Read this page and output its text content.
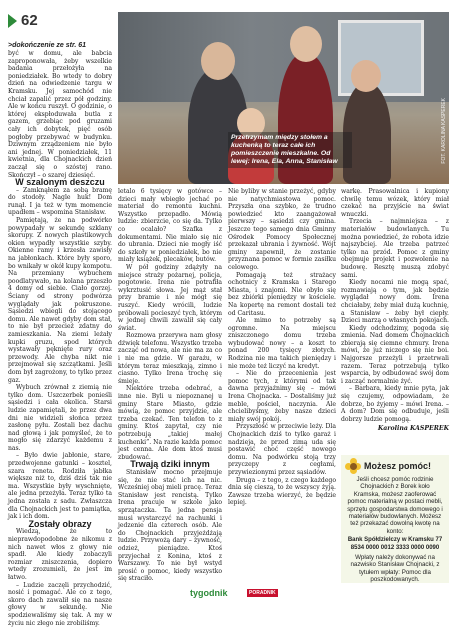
62
>dokończenie ze str. 61
FOT. KAROLINA KASPEREK
Przetrzymam między stołem a kuchenką to teraz całe ich pomieszczenie mieszkalne. Od lewej: Irena, Ela, Anna, Stanisław

być w domu, ale babcia zaproponowała, żeby wszelkie badania przełożyła na poniedziałek. Bo wtedy to dobry dzień na odwiedzenie targu w Kramsku. Jej samochód nie chciał zapalić przez pół godziny. Ale w końcu ruszył. O godzinie, o której ekspłoduwała butla z gazem, grzebiąc pod gruzami cały ich dobytek, pięć osób pogłoby przebywać w budynku. Dziwnym zrządzeniem nie było ani jednej. W poniedziałek, 11 kwietnia, dla Chojnackich dzień zaczął się o szóstej rano. Skończył – o szarej dziesięć.

W szalonym deszczu

– Zamknąłem za sobą bramę do stodoły. Nagle huk! Dom runął. I ja też w tym momencie upadłem – wspomina Stanisław.

Pamiętają, że na podwórko powypadały w sekundę szklany skorupy. Z nowych plastikowych okien wypadły wszystkie szyby. Okienne ramy i krzesła zawisły na jabłonkach. Które były sporo, bo wnikały w okół kupy kompotu. Na przemiany wybuchem poodlatywało, na kolana przeszło 4 domy od siebie. Ciało gorzej. Ściany od strony podwórza wyglądały jak pokruszone. Sąsiedzi wbiegli do stojącego domu. Ale nawet gdyby dom stał, to nie był przecież zdatny do zamieszkania. Na ziemi leżały kupki gruzu, spod których wystawały pęknięte rury oraz przewody. Ale chyba nikt nie przejmował się szczątkami. Jeśli dom był zagrożony, to tylko przez gaz.

Wybuch zrównał z ziemią nie tylko dom. Uszczerbek ponieśli sąsiedzi i cała okolica. Starsi ludzie zapamiętali, że przez dwa dni nie widzieli słońca przez zasłonę pyłu. Zostali bez dachu nad głową i jak pomyśleć, że to mogło się zdarzyć każdemu z nas.

– Było dwie jabłonie, stare, przedwojenne gatunki – kosztel, szara reneta. Rodziła jabłka większe niż to, dziś dziś tak nie ma. Wszystkie były wyschnięte, ale jedna przeżyła. Teraz tylko ta jedna została z sadu. Zwłaszcza dla Chojnackich jest to pamiątka, jak i ich dom.

Zostały obrazy

Wiedzą, że to nieprawdopodobne że nikomu z nich nawet włos z głowy nie spadł. Ale kiedy zobaczyli rozmiar zniszczenia, dopiero wtedy zrozumieli, że jest im łatwo.

– Ludzie zaczęli przychodzić, nosić i pomagać. Ale co z tego, skoro dach zawalił się na nasze głowy w sekundę. Nie spodziewaliśmy się tak. A my w życiu nic złego nie zrobiliśmy.

letalo 6 tysięcy w gotówce – dzieci mały wbiegło jechać po materiał do remontu kuchni. Wszystko przepadło. Mówią ludzie: zbierzcie, co się da. Tylko co ocalało? Szafka z dokumentami. Nie miało się nic do ubrania. Dzieci nie mogły iść do szkoły w poniedziałek, bo nie miały książek, plecaków, butów.

W pół godziny zdążyły na miejsce straży pożarnej, policja, pogotowie. Irena nie potrafiła wykrztusić słowa. Jej mąż stał przy bramie i nie mógł się ruszyć. Kiedy wrócili, ludzie próbowali pocieszyć tych, którym w jednej chwili zawalił się cały świat.

Rozmowa przerywa nam głosy dźwięk telefonu. Wszystko trzeba zacząć od nowa, ale nie ma za co i nie ma gdzie. W garażu, w którym teraz mieszkają, zimno i ciasno. Tylko Irena trochę się śmieje.

Niektóre trzeba odebrać, a inne nie. Byli u niepoznanej u gminy Stare Miasto, gdzie mówią, że pomoc przyjdzie, ale trzeba czekać. Ten telefon to z gminy. Ktoś zapytał, czy nie potrzebują „takiej małej kuchenki”. Na razie każda pomoc jest cenna. Ale dom ktoś musi zbudować.

Trwają dziki innym

Stanisław mocno przejmuje się, że nie stać ich na nic. Wcześniej obaj mieli pracę. Teraz Stanisław jest rencistą. Tylko Irena pracuje w szkole jako sprzątaczka. Ta jedna pensja musi wystarczyć na rachunki i jedzenie dla czterech osób. Ale do Chojnackich przyjeżdżają ludzie. Przywożą dary – żywność, odzież, pieniądze. Ktoś przyjechał z Konina, ktoś z Warszawy. To nie był wstyd prosić o pomoc, kiedy wszystko się straciło.

Nie byliby w stanie przeżyć, gdyby nie natychmiastowa pomoc. Przyszła ona szybko, że trudno powiedzieć kto zaangażował pierwszy – sąsiedzi czy gmina. Jeszcze tego samego dnia Gminny Ośrodek Pomocy Społecznej przekazał ubrania i żywność. Wójt gminy zapewnił, że zostanie przyznana pomoc w formie zasiłku celowego.

Pomagają też strażacy ochotnicy z Kramska i Starego Miasta, i znajomi. Nie obyło się bez zbiórki pieniędzy w kościele. Na kopertę na remont dostali też od Caritasu.

Ale mimo to potrzeby są ogromne. Na miejscu zniszczonego domu trzeba wybudować nowy – a koszt to ponad 200 tysięcy złotych. Rodzina nie ma takich pieniędzy i nie może też liczyć na kredyt.

– Nie do przecenienia jest pomoc tych, z którymi od tak dawna przyjaźnimy się – mówi Irena Chojnacka. – Dostaliśmy już meble, pościel, naczynia. Ale chcielibyśmy, żeby nasze dzieci miały swój pokój.

Przyszłość w przeciwie leży. Dla Chojnackich dziś to tylko garaż i nadzieja, że przed zimą uda się postawić choć część nowego domu. Na podwórku stoją trzy przyczepy z cegłami, przywiezionymi przez sąsiadów.

Druga – z tego, z czego każdego dnia się cieszą, to że wszyscy żyją. Zawsze trzeba wierzyć, że będzie lepiej.

warkę. Prasowalnica i kupiony chwilę temu wózek, który miał czekać na przyjście na świat wnuczki.

Trzecia – najmniejsza – z materiałów budowlanych. Tu można powiedzieć, że robota idzie najszybciej. Ale trzeba patrzeć tylko na przód. Pomoc z gminy obejmuje projekt i pozwolenie na budowę. Resztę muszą zdobyć sami.

Kiedy nocami nie mogą spać, rozmawiają o tym, jak będzie wyglądał nowy dom. Irena chciałaby, żeby miał dużą kuchnię, a Stanisław – żeby był ciepły. Dzieci marzą o własnych pokojach.

Kiedy odchodzimy, pogoda się zmienia. Nad domem Chojnackich zbierają się ciemne chmury. Irena mówi, że już niczego się nie boi. Najgorsze przeżyli i przetrwali razem. Teraz potrzebują tylko wsparcia, by odbudować swój dom i zacząć normalnie żyć.

– Barbara, kiedy mnie pyta, jak się czujemy, odpowiadam, że dobrze, bo żyjemy – mówi Irena. – A dom? Dom się odbuduje, jeśli dobrzy ludzie pomogą.

Karolina KASPEREK
Możesz pomóc!

Jeśli chcesz pomóc rodzinie Chojnackich z Borek koło Kramska, możesz zaoferować pomoc materialną w postaci mebli, sprzętu gospodarstwa domowego i materiałów budowlanych. Możesz też przekazać dowolną kwotę na konto:

Bank Spółdzielczy w Kramsku 77 8534 0000 0012 3333 0000 0090

Wpłaty należy dokonywać na nazwisko Stanisław Chojnacki, z tytułem wpłaty: Pomoc dla poszkodowanych.

tygodnik	PORADNIK
